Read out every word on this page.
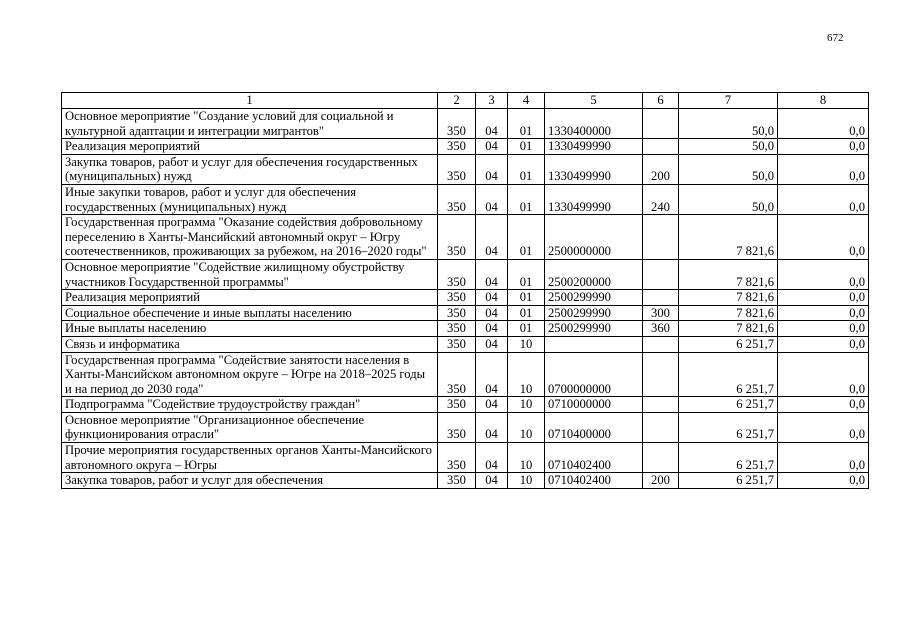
672
1	2	3	4	5	6	7	8
Основное мероприятие "Создание условий для социальной и культурной адаптации и интеграции мигрантов"	350	04	01	1330400000		50,0	0,0
Реализация мероприятий	350	04	01	1330499990		50,0	0,0
Закупка товаров, работ и услуг для обеспечения государственных (муниципальных) нужд	350	04	01	1330499990	200	50,0	0,0
Иные закупки товаров, работ и услуг для обеспечения государственных (муниципальных) нужд	350	04	01	1330499990	240	50,0	0,0
Государственная программа "Оказание содействия добровольному переселению в Ханты-Мансийский автономный округ – Югру соотечественников, проживающих за рубежом, на 2016–2020 годы"	350	04	01	2500000000		7 821,6	0,0
Основное мероприятие "Содействие жилищному обустройству участников Государственной программы"	350	04	01	2500200000		7 821,6	0,0
Реализация мероприятий	350	04	01	2500299990		7 821,6	0,0
Социальное обеспечение и иные выплаты населению	350	04	01	2500299990	300	7 821,6	0,0
Иные выплаты населению	350	04	01	2500299990	360	7 821,6	0,0
Связь и информатика	350	04	10			6 251,7	0,0
Государственная программа "Содействие занятости населения в Ханты-Мансийском автономном округе – Югре на 2018–2025 годы и на период до 2030 года"	350	04	10	0700000000		6 251,7	0,0
Подпрограмма "Содействие трудоустройству граждан"	350	04	10	0710000000		6 251,7	0,0
Основное мероприятие "Организационное обеспечение функционирования отрасли"	350	04	10	0710400000		6 251,7	0,0
Прочие мероприятия государственных органов Ханты-Мансийского автономного округа – Югры	350	04	10	0710402400		6 251,7	0,0
Закупка товаров, работ и услуг для обеспечения	350	04	10	0710402400	200	6 251,7	0,0
